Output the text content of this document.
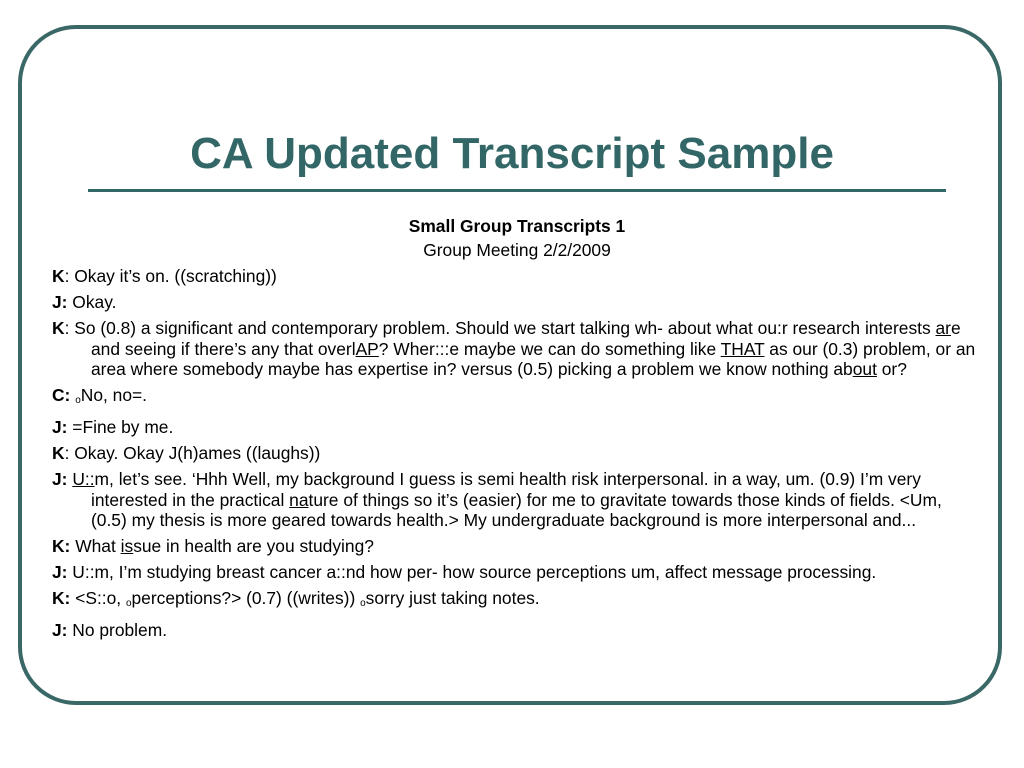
CA Updated Transcript Sample
Small Group Transcripts 1
Group Meeting 2/2/2009
K: Okay it’s on. ((scratching))
J: Okay.
K: So (0.8) a significant and contemporary problem. Should we start talking wh- about what ou:r research interests are and seeing if there’s any that overlAP? Wher:::e maybe we can do something like THAT as our (0.3) problem, or an area where somebody maybe has expertise in? versus (0.5) picking a problem we know nothing about or?
C: oNo, no=.
J: =Fine by me.
K: Okay. Okay J(h)ames ((laughs))
J: U::m, let’s see. ‘Hhh Well, my background I guess is semi health risk interpersonal. in a way, um. (0.9) I’m very interested in the practical nature of things so it’s (easier) for me to gravitate towards those kinds of fields. <Um, (0.5) my thesis is more geared towards health.> My undergraduate background is more interpersonal and...
K: What issue in health are you studying?
J: U::m, I’m studying breast cancer a::nd how per- how source perceptions um, affect message processing.
K: <S::o, operceptions?> (0.7) ((writes)) osorry just taking notes.
J: No problem.
